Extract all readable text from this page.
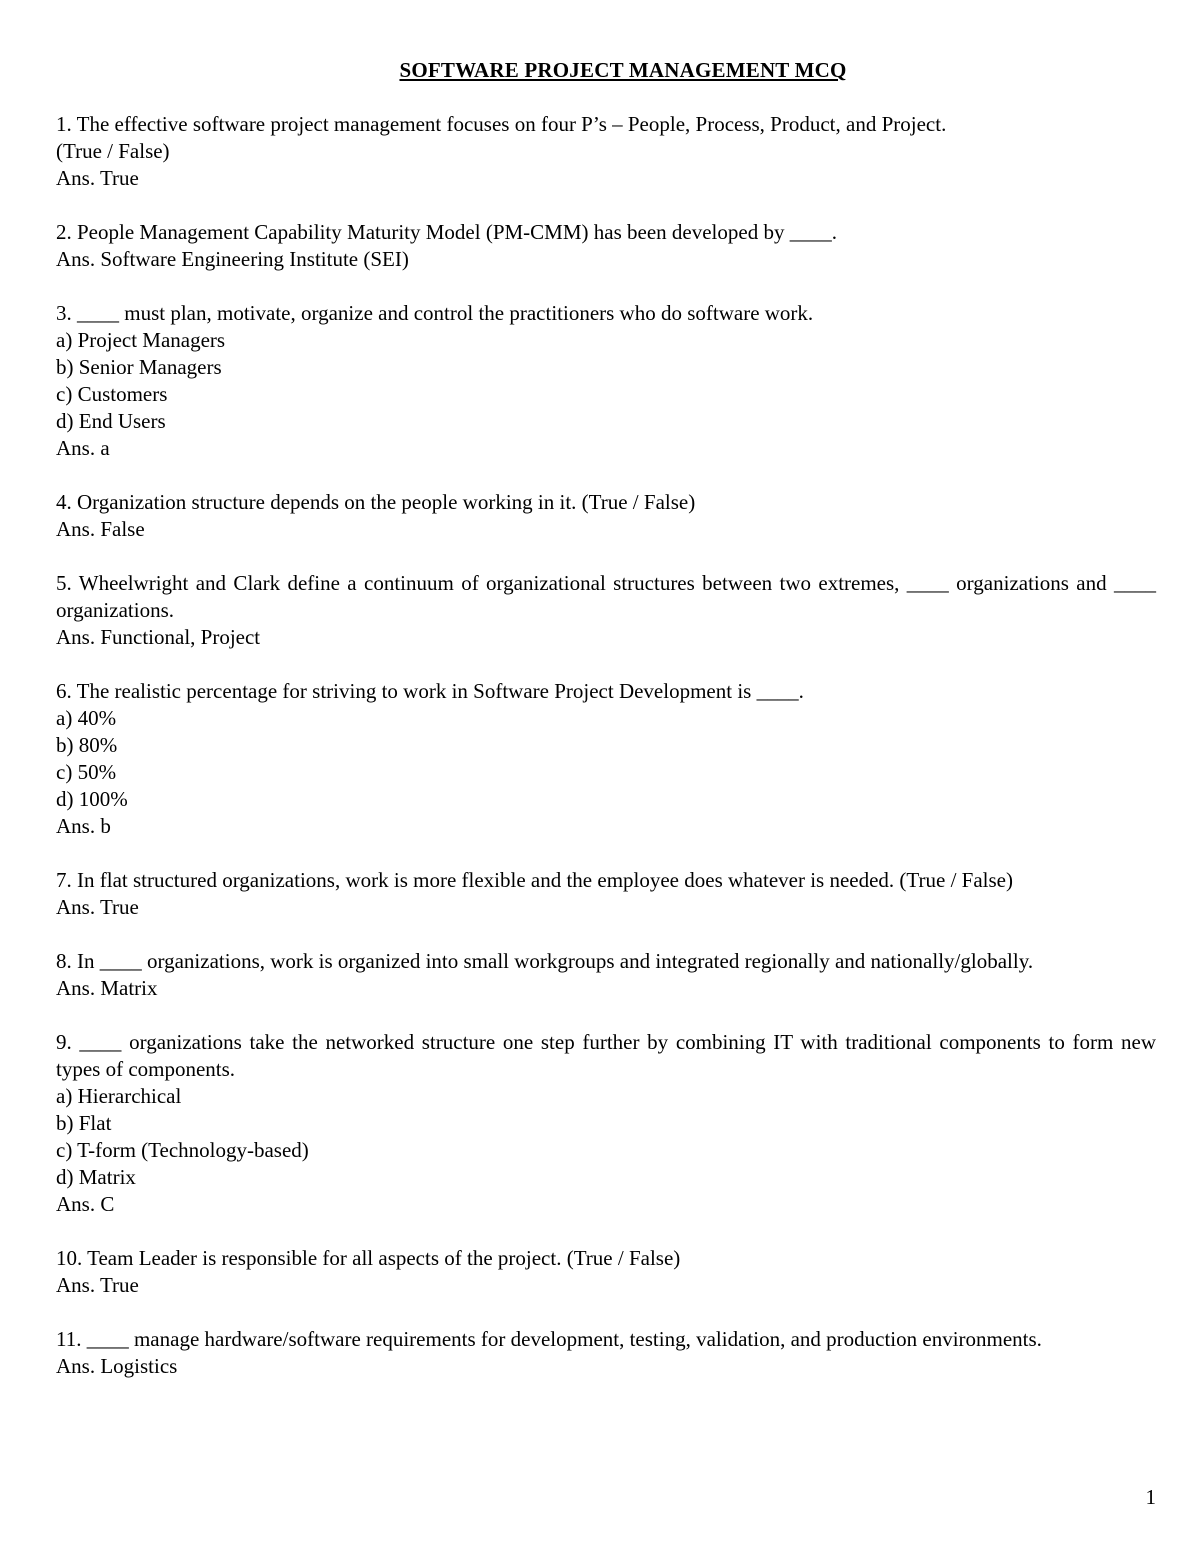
SOFTWARE PROJECT MANAGEMENT MCQ
1. The effective software project management focuses on four P’s – People, Process, Product, and Project.
(True / False)
Ans. True
2. People Management Capability Maturity Model (PM-CMM) has been developed by ____.
Ans. Software Engineering Institute (SEI)
3. ____ must plan, motivate, organize and control the practitioners who do software work.
a) Project Managers
b) Senior Managers
c) Customers
d) End Users
Ans. a
4. Organization structure depends on the people working in it. (True / False)
Ans. False
5. Wheelwright and Clark define a continuum of organizational structures between two extremes, ____ organizations and ____ organizations.
Ans. Functional, Project
6. The realistic percentage for striving to work in Software Project Development is ____.
a) 40%
b) 80%
c) 50%
d) 100%
Ans. b
7. In flat structured organizations, work is more flexible and the employee does whatever is needed. (True / False)
Ans. True
8. In ____ organizations, work is organized into small workgroups and integrated regionally and nationally/globally.
Ans. Matrix
9. ____ organizations take the networked structure one step further by combining IT with traditional components to form new types of components.
a) Hierarchical
b) Flat
c) T-form (Technology-based)
d) Matrix
Ans. C
10. Team Leader is responsible for all aspects of the project. (True / False)
Ans. True
11. ____ manage hardware/software requirements for development, testing, validation, and production environments.
Ans. Logistics
1
